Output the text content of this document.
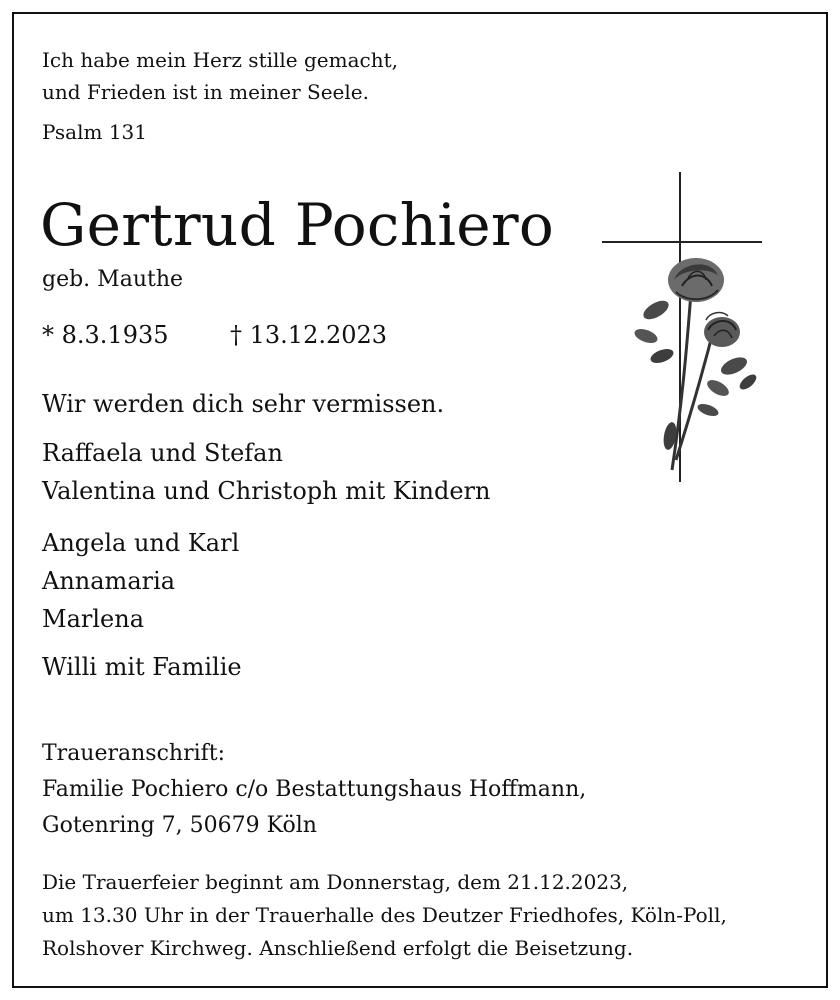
Ich habe mein Herz stille gemacht,
und Frieden ist in meiner Seele.
Psalm 131
Gertrud Pochiero
geb. Mauthe
* 8.3.1935	† 13.12.2023
Wir werden dich sehr vermissen.
Raffaela und Stefan
Valentina und Christoph mit Kindern
Angela und Karl
Annamaria
Marlena
Willi mit Familie
Traueranschrift:
Familie Pochiero c/o Bestattungshaus Hoffmann,
Gotenring 7, 50679 Köln
Die Trauerfeier beginnt am Donnerstag, dem 21.12.2023,
um 13.30 Uhr in der Trauerhalle des Deutzer Friedhofes, Köln-Poll,
Rolshover Kirchweg. Anschließend erfolgt die Beisetzung.
